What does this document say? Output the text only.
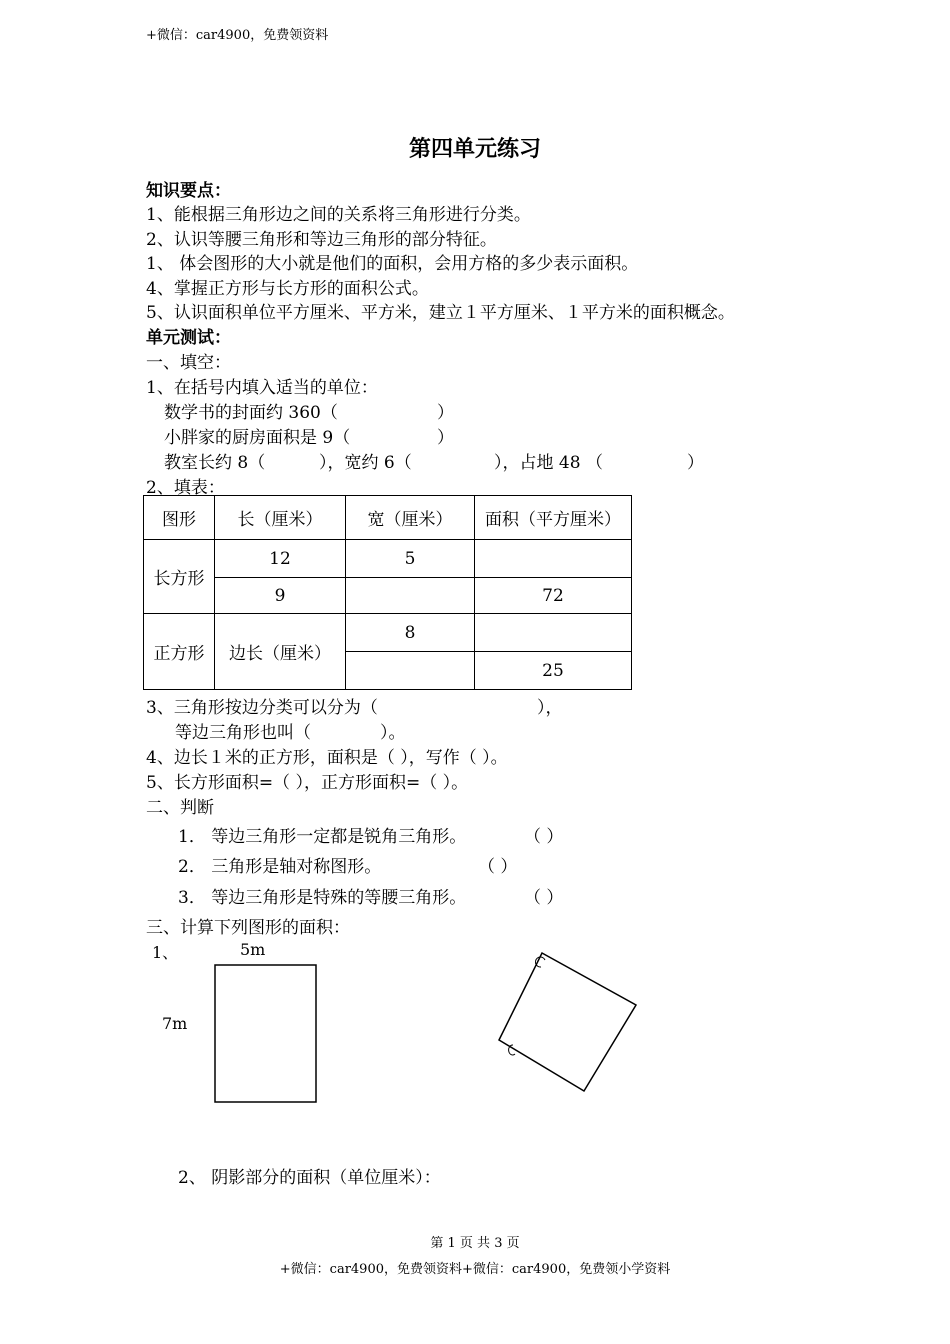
+微信：car4900，免费领资料
第四单元练习
知识要点：
1、能根据三角形边之间的关系将三角形进行分类。
2、认识等腰三角形和等边三角形的部分特征。
1、 体会图形的大小就是他们的面积，会用方格的多少表示面积。
4、掌握正方形与长方形的面积公式。
5、认识面积单位平方厘米、平方米，建立１平方厘米、１平方米的面积概念。
单元测试：
一、填空：
1、在括号内填入适当的单位：
数学书的封面约 360（	）
小胖家的厨房面积是 9（	）
教室长约 8（	），宽约 6（	），占地 48 （	）
2、填表：
图形	长（厘米）	宽（厘米）	面积（平方厘米）
长方形	12	5	
	9		72
正方形	边长（厘米）	8	
			25
3、三角形按边分类可以分为（	），
等边三角形也叫（	）。
4、边长１米的正方形，面积是（ ），写作（ ）。
5、长方形面积=（ ），正方形面积=（ ）。
二、判断
1． 等边三角形一定都是锐角三角形。	（ ）
2． 三角形是轴对称图形。	（ ）
3． 等边三角形是特殊的等腰三角形。	（ ）
三、计算下列图形的面积：
1、	5m
7m
2、 阴影部分的面积（单位厘米）：
第 1 页 共 3 页
+微信：car4900，免费领资料+微信：car4900，免费领小学资料
